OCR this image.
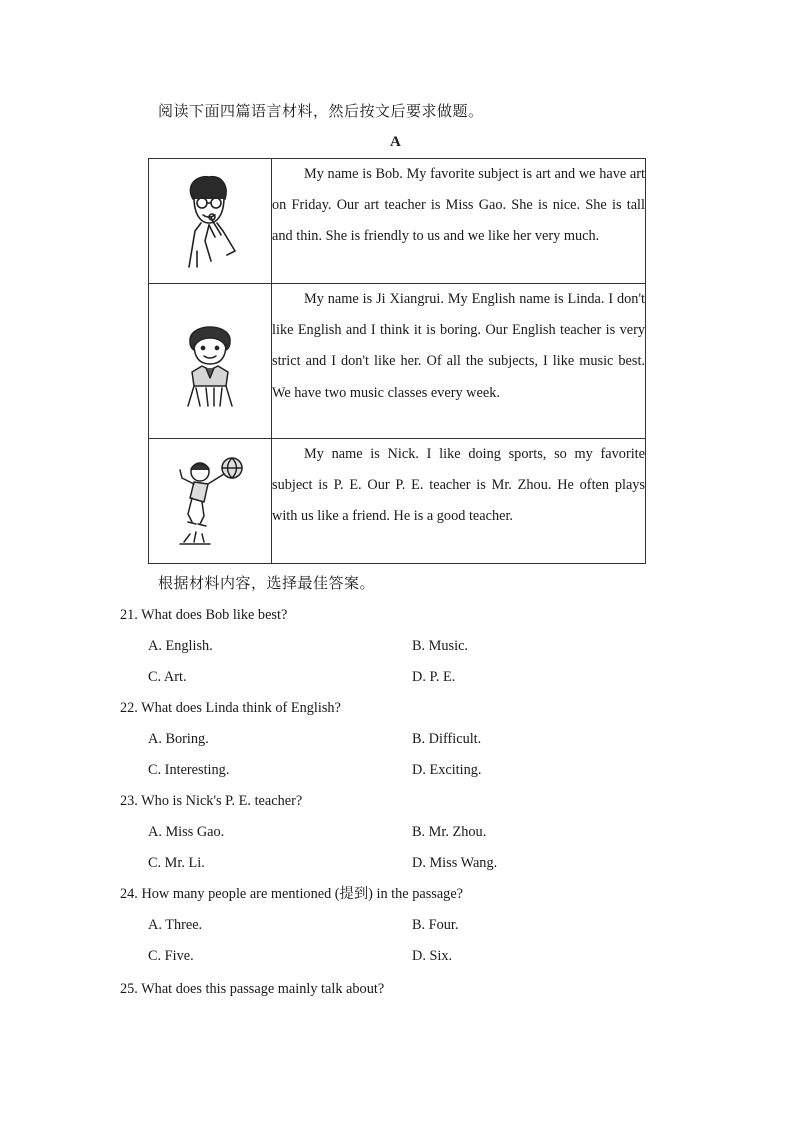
阅读下面四篇语言材料，然后按文后要求做题。
A

My name is Bob. My favorite subject is art and we have art on Friday. Our art teacher is Miss Gao. She is nice. She is tall and thin. She is friendly to us and we like her very much.

My name is Ji Xiangrui. My English name is Linda. I don't like English and I think it is boring. Our English teacher is very strict and I don't like her. Of all the subjects, I like music best. We have two music classes every week.

My name is Nick. I like doing sports, so my favorite subject is P. E. Our P. E. teacher is Mr. Zhou. He often plays with us like a friend. He is a good teacher.
根据材料内容，选择最佳答案。
21. What does Bob like best?
A. English.	B. Music.
C. Art.	D. P. E.
22. What does Linda think of English?
A. Boring.	B. Difficult.
C. Interesting.	D. Exciting.
23. Who is Nick's P. E. teacher?
A. Miss Gao.	B. Mr. Zhou.
C. Mr. Li.	D. Miss Wang.
24. How many people are mentioned (提到) in the passage?
A. Three.	B. Four.
C. Five.	D. Six.
25. What does this passage mainly talk about?
